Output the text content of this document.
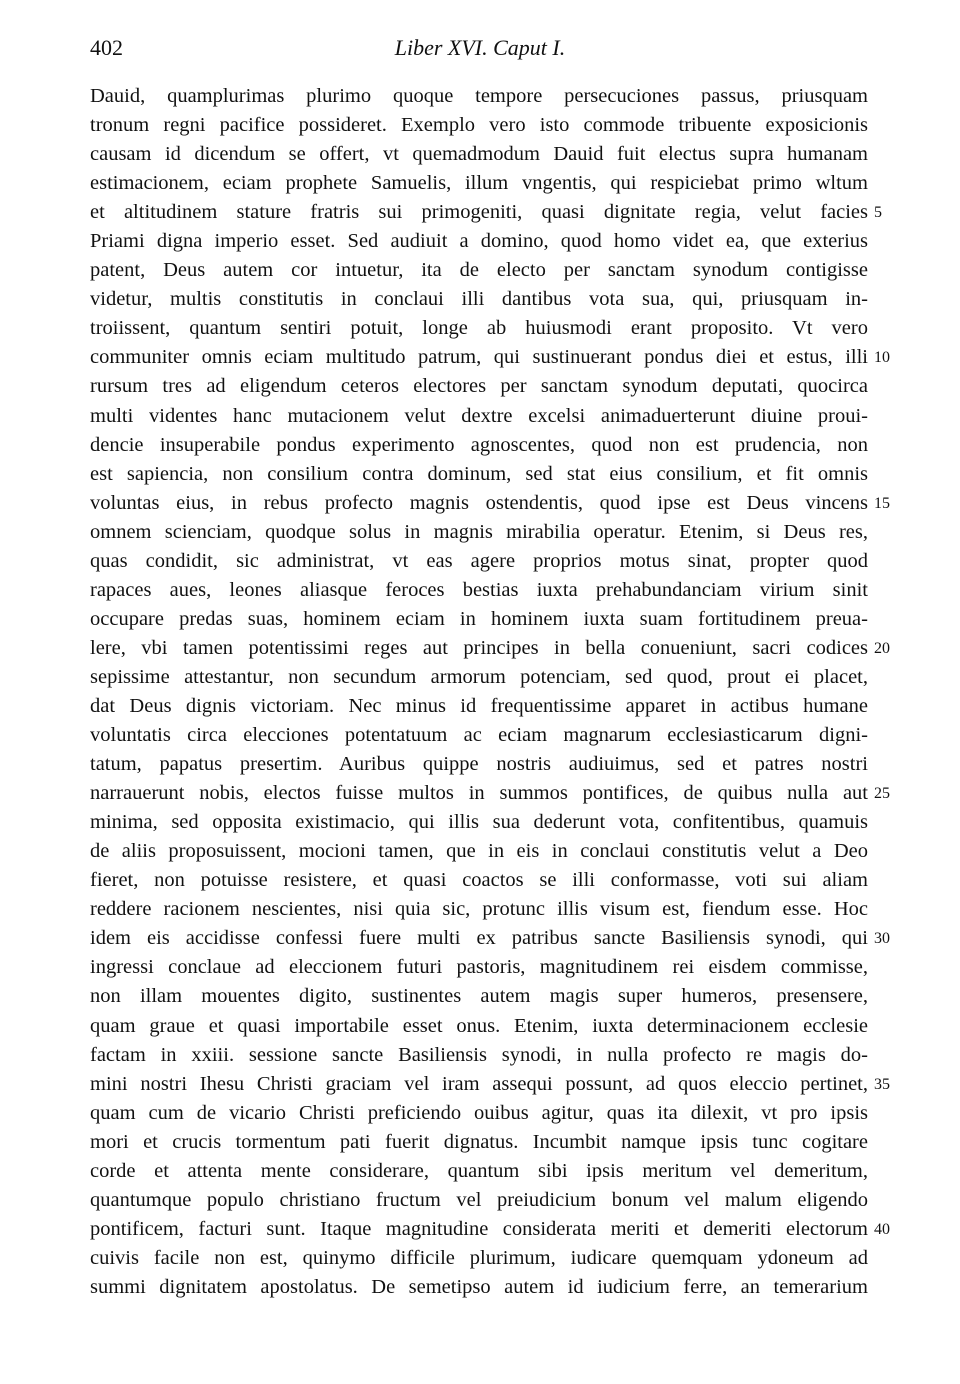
402	Liber XVI. Caput I.
Dauid, quamplurimas plurimo quoque tempore persecuciones passus, priusquam
tronum regni pacifice possideret. Exemplo vero isto commode tribuente exposicionis
causam id dicendum se offert, vt quemadmodum Dauid fuit electus supra humanam
estimacionem, eciam prophete Samuelis, illum vngentis, qui respiciebat primo wltum
et altitudinem stature fratris sui primogeniti, quasi dignitate regia, velut facies
Priami digna imperio esset. Sed audiuit a domino, quod homo videt ea, que exterius
patent, Deus autem cor intuetur, ita de electo per sanctam synodum contigisse
videtur, multis constitutis in conclaui illi dantibus vota sua, qui, priusquam in-
troiissent, quantum sentiri potuit, longe ab huiusmodi erant proposito. Vt vero
communiter omnis eciam multitudo patrum, qui sustinuerant pondus diei et estus, illi
rursum tres ad eligendum ceteros electores per sanctam synodum deputati, quocirca
multi videntes hanc mutacionem velut dextre excelsi animaduerterunt diuine proui-
dencie insuperabile pondus experimento agnoscentes, quod non est prudencia, non
est sapiencia, non consilium contra dominum, sed stat eius consilium, et fit omnis
voluntas eius, in rebus profecto magnis ostendentis, quod ipse est Deus vincens
omnem scienciam, quodque solus in magnis mirabilia operatur. Etenim, si Deus res,
quas condidit, sic administrat, vt eas agere proprios motus sinat, propter quod
rapaces aues, leones aliasque feroces bestias iuxta prehabundanciam virium sinit
occupare predas suas, hominem eciam in hominem iuxta suam fortitudinem preua-
lere, vbi tamen potentissimi reges aut principes in bella conueniunt, sacri codices
sepissime attestantur, non secundum armorum potenciam, sed quod, prout ei placet,
dat Deus dignis victoriam. Nec minus id frequentissime apparet in actibus humane
voluntatis circa elecciones potentatuum ac eciam magnarum ecclesiasticarum digni-
tatum, papatus presertim. Auribus quippe nostris audiuimus, sed et patres nostri
narrauerunt nobis, electos fuisse multos in summos pontifices, de quibus nulla aut
minima, sed opposita existimacio, qui illis sua dederunt vota, confitentibus, quamuis
de aliis proposuissent, mocioni tamen, que in eis in conclaui constitutis velut a Deo
fieret, non potuisse resistere, et quasi coactos se illi conformasse, voti sui aliam
reddere racionem nescientes, nisi quia sic, protunc illis visum est, fiendum esse. Hoc
idem eis accidisse confessi fuere multi ex patribus sancte Basiliensis synodi, qui
ingressi conclaue ad eleccionem futuri pastoris, magnitudinem rei eisdem commisse,
non illam mouentes digito, sustinentes autem magis super humeros, presensere,
quam graue et quasi importabile esset onus. Etenim, iuxta determinacionem ecclesie
factam in xxiii. sessione sancte Basiliensis synodi, in nulla profecto re magis do-
mini nostri Ihesu Christi graciam vel iram assequi possunt, ad quos eleccio pertinet,
quam cum de vicario Christi preficiendo ouibus agitur, quas ita dilexit, vt pro ipsis
mori et crucis tormentum pati fuerit dignatus. Incumbit namque ipsis tunc cogitare
corde et attenta mente considerare, quantum sibi ipsis meritum vel demeritum,
quantumque populo christiano fructum vel preiudicium bonum vel malum eligendo
pontificem, facturi sunt. Itaque magnitudine considerata meriti et demeriti electorum
cuivis facile non est, quinymo difficile plurimum, iudicare quemquam ydoneum ad
summi dignitatem apostolatus. De semetipso autem id iudicium ferre, an temerarium
5
10
15
20
25
30
35
40
